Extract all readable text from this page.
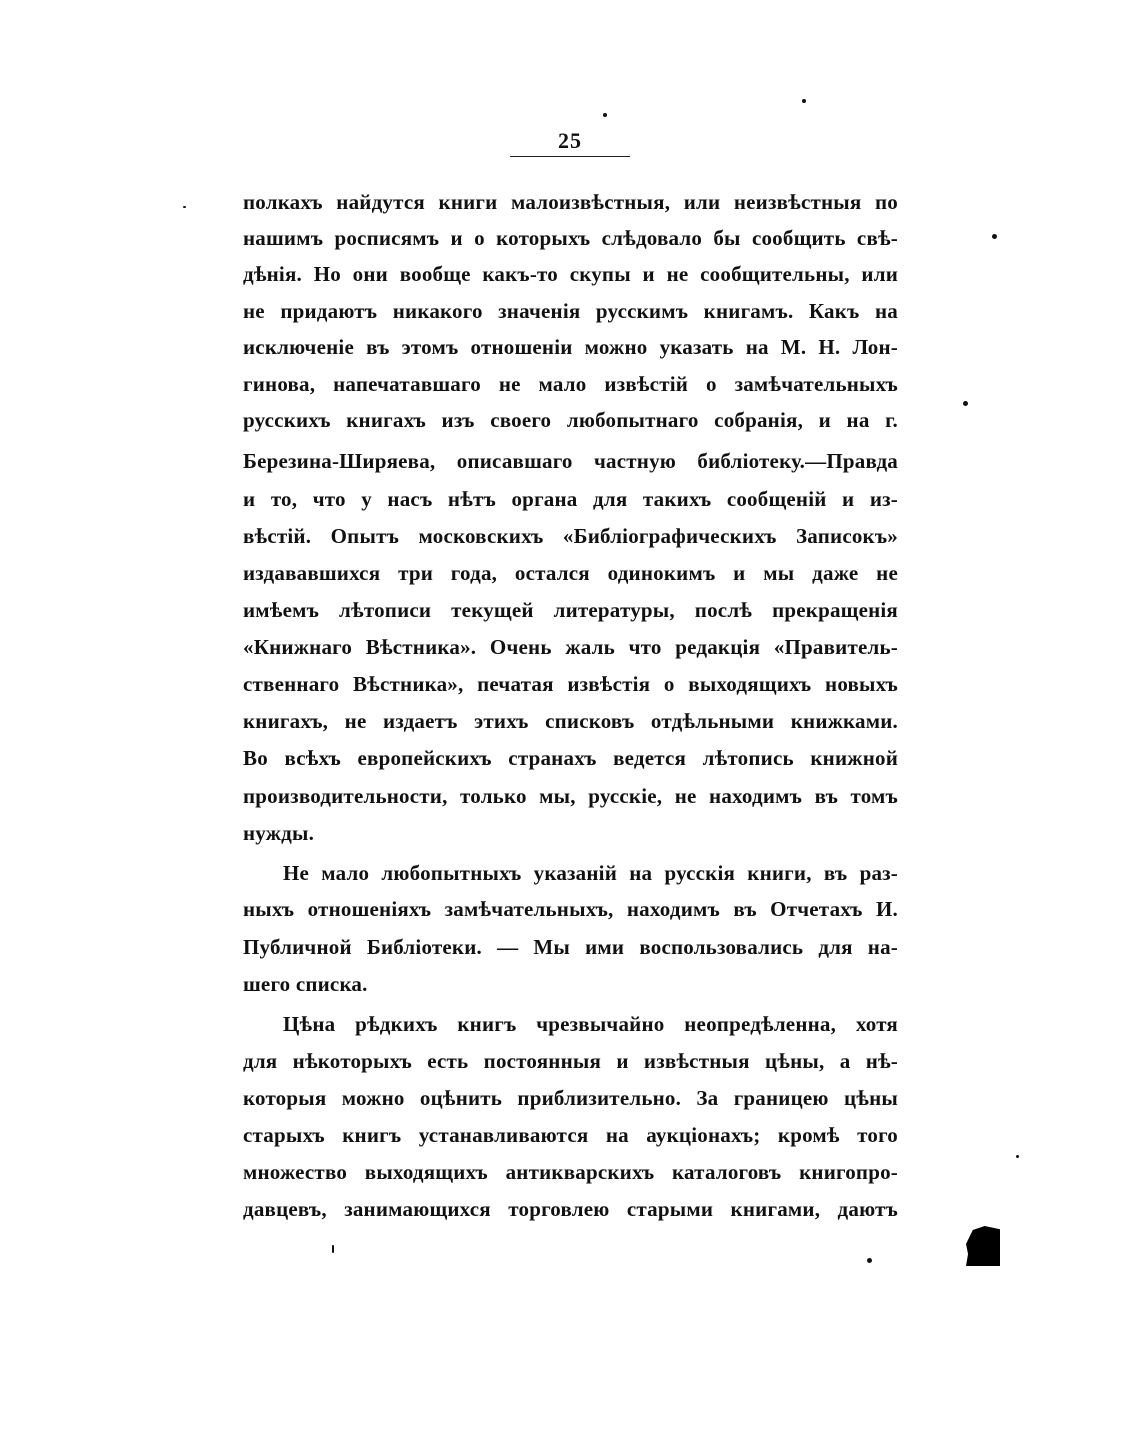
25
полкахъ найдутся книги малоизвѣстныя, или неизвѣстныя по
нашимъ росписямъ и о которыхъ слѣдовало бы сообщить свѣ-
дѣнія. Но они вообще какъ-то скупы и не сообщительны, или
не придаютъ никакого значенія русскимъ книгамъ. Какъ на
исключеніе въ этомъ отношеніи можно указать на М. Н. Лон-
гинова, напечатавшаго не мало извѣстій о замѣчательныхъ
русскихъ книгахъ изъ своего любопытнаго собранія, и на г.
Березина-Ширяева, описавшаго частную библіотеку.—Правда
и то, что у насъ нѣтъ органа для такихъ сообщеній и из-
вѣстій. Опытъ московскихъ «Библіографическихъ Записокъ»
издававшихся три года, остался одинокимъ и мы даже не
имѣемъ лѣтописи текущей литературы, послѣ прекращенія
«Книжнаго Вѣстника». Очень жаль что редакція «Правитель-
ственнаго Вѣстника», печатая извѣстія о выходящихъ новыхъ
книгахъ, не издаетъ этихъ списковъ отдѣльными книжками.
Во всѣхъ европейскихъ странахъ ведется лѣтопись книжной
производительности, только мы, русскіе, не находимъ въ томъ
нужды.
Не мало любопытныхъ указаній на русскія книги, въ раз-
ныхъ отношеніяхъ замѣчательныхъ, находимъ въ Отчетахъ И.
Публичной Библіотеки. — Мы ими воспользовались для на-
шего списка.
Цѣна рѣдкихъ книгъ чрезвычайно неопредѣленна, хотя
для нѣкоторыхъ есть постоянныя и извѣстныя цѣны, а нѣ-
которыя можно оцѣнить приблизительно. За границею цѣны
старыхъ книгъ устанавливаются на аукціонахъ; кромѣ того
множество выходящихъ антикварскихъ каталоговъ книгопро-
давцевъ, занимающихся торговлею старыми книгами, даютъ
